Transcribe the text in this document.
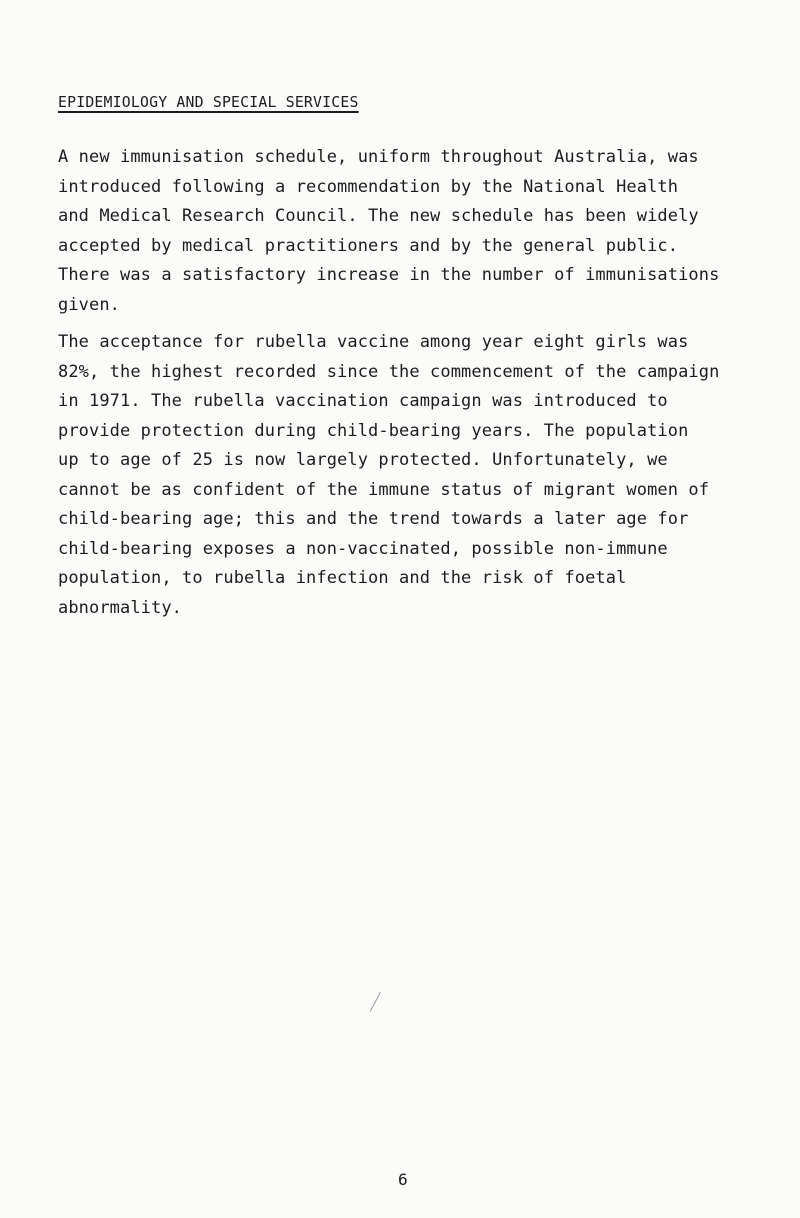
EPIDEMIOLOGY AND SPECIAL SERVICES
A new immunisation schedule, uniform throughout Australia, was
introduced following a recommendation by the National Health
and Medical Research Council. The new schedule has been widely
accepted by medical practitioners and by the general public.
There was a satisfactory increase in the number of immunisations
given.
The acceptance for rubella vaccine among year eight girls was
82%, the highest recorded since the commencement of the campaign
in 1971. The rubella vaccination campaign was introduced to
provide protection during child-bearing years. The population
up to age of 25 is now largely protected. Unfortunately, we
cannot be as confident of the immune status of migrant women of
child-bearing age; this and the trend towards a later age for
child-bearing exposes a non-vaccinated, possible non-immune
population, to rubella infection and the risk of foetal
abnormality.
6
